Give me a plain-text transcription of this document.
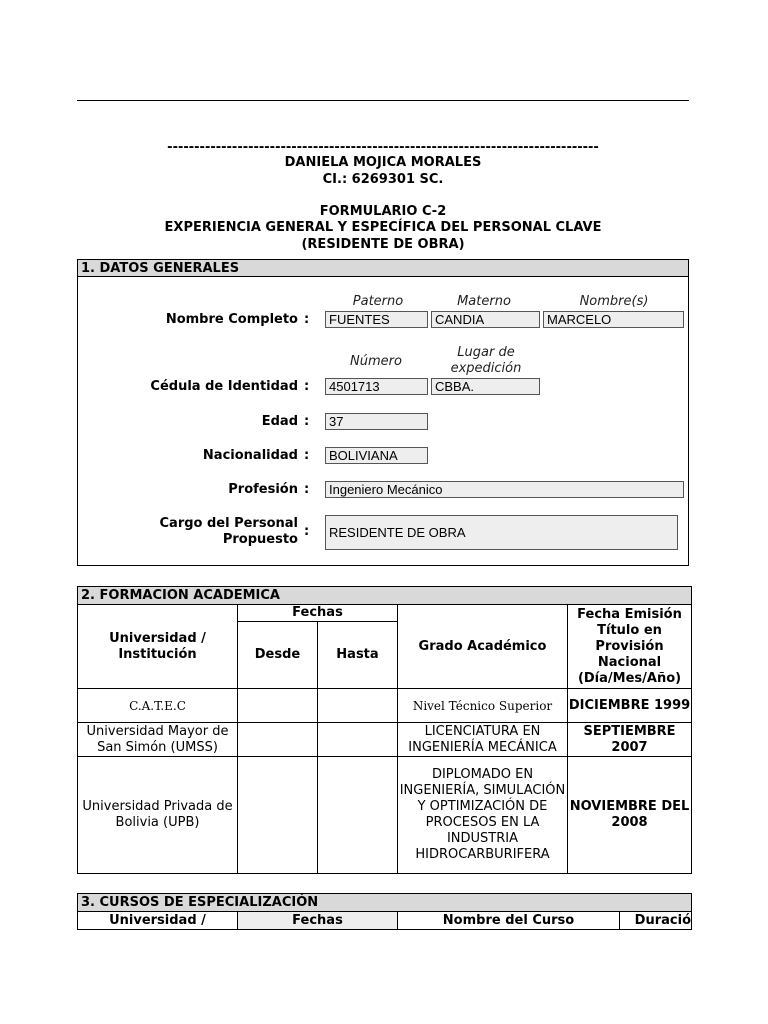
--------------------------------------------------------------------------------
DANIELA MOJICA MORALES
CI.: 6269301 SC.
FORMULARIO C-2
EXPERIENCIA GENERAL Y ESPECÍFICA DEL PERSONAL CLAVE
(RESIDENTE DE OBRA)
1. DATOS GENERALES
Paterno	Materno	Nombre(s)
Nombre Completo :	FUENTES	CANDIA	MARCELO
Número
Lugar de expedición
Cédula de Identidad :	4501713	CBBA.
Edad :	37
Nacionalidad :	BOLIVIANA
Profesión :	Ingeniero Mecánico
Cargo del Personal Propuesto
:	RESIDENTE DE OBRA
2. FORMACION ACADEMICA				
Universidad / Institución	Fechas		Grado Académico	Fecha Emisión Título en Provisión Nacional (Día/Mes/Año)
	Desde	Hasta		
C.A.T.E.C			Nivel Técnico Superior	DICIEMBRE 1999
Universidad Mayor de San Simón (UMSS)			LICENCIATURA EN INGENIERÍA MECÁNICA	SEPTIEMBRE 2007
Universidad Privada de Bolivia (UPB)			DIPLOMADO EN INGENIERÍA, SIMULACIÓN Y OPTIMIZACIÓN DE PROCESOS EN LA INDUSTRIA HIDROCARBURIFERA	NOVIEMBRE DEL 2008
3. CURSOS DE ESPECIALIZACIÓN
Universidad /	Fechas	Nombre del Curso	Duració
